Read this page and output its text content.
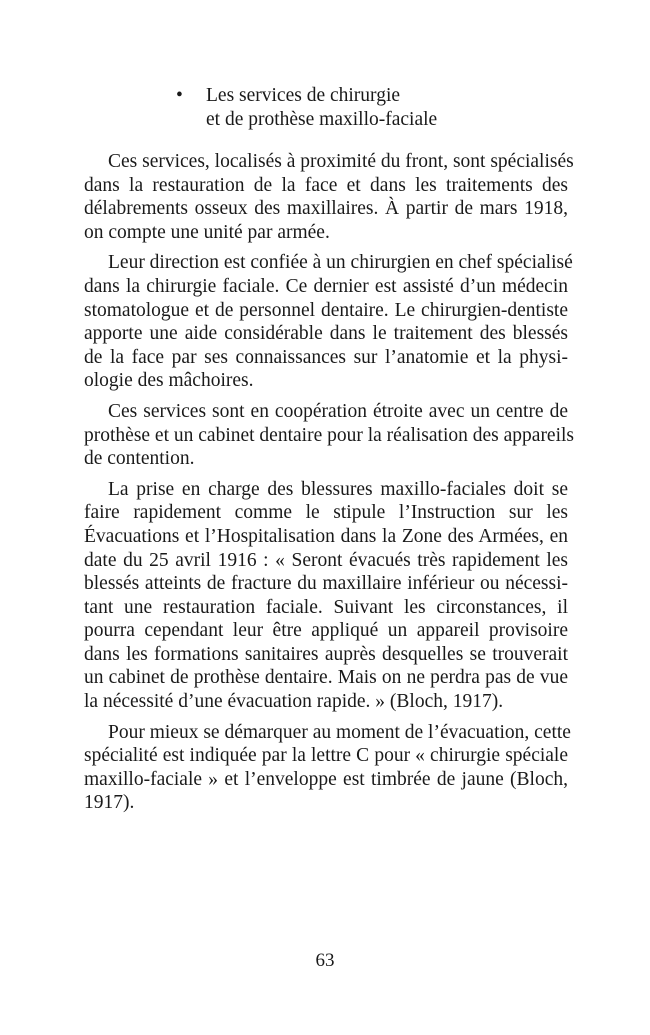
•	Les services de chirurgie
et de prothèse maxillo-faciale
Ces services, localisés à proximité du front, sont spécialisés
dans la restauration de la face et dans les traitements des
délabrements osseux des maxillaires. À partir de mars 1918,
on compte une unité par armée.
Leur direction est confiée à un chirurgien en chef spécialisé
dans la chirurgie faciale. Ce dernier est assisté d’un médecin
stomatologue et de personnel dentaire. Le chirurgien-dentiste
apporte une aide considérable dans le traitement des blessés
de la face par ses connaissances sur l’anatomie et la physi-
ologie des mâchoires.
Ces services sont en coopération étroite avec un centre de
prothèse et un cabinet dentaire pour la réalisation des appareils
de contention.
La prise en charge des blessures maxillo-faciales doit se
faire rapidement comme le stipule l’Instruction sur les
Évacuations et l’Hospitalisation dans la Zone des Armées, en
date du 25 avril 1916 : « Seront évacués très rapidement les
blessés atteints de fracture du maxillaire inférieur ou nécessi-
tant une restauration faciale. Suivant les circonstances, il
pourra cependant leur être appliqué un appareil provisoire
dans les formations sanitaires auprès desquelles se trouverait
un cabinet de prothèse dentaire. Mais on ne perdra pas de vue
la nécessité d’une évacuation rapide. » (Bloch, 1917).
Pour mieux se démarquer au moment de l’évacuation, cette
spécialité est indiquée par la lettre C pour « chirurgie spéciale
maxillo-faciale » et l’enveloppe est timbrée de jaune (Bloch,
1917).
63
